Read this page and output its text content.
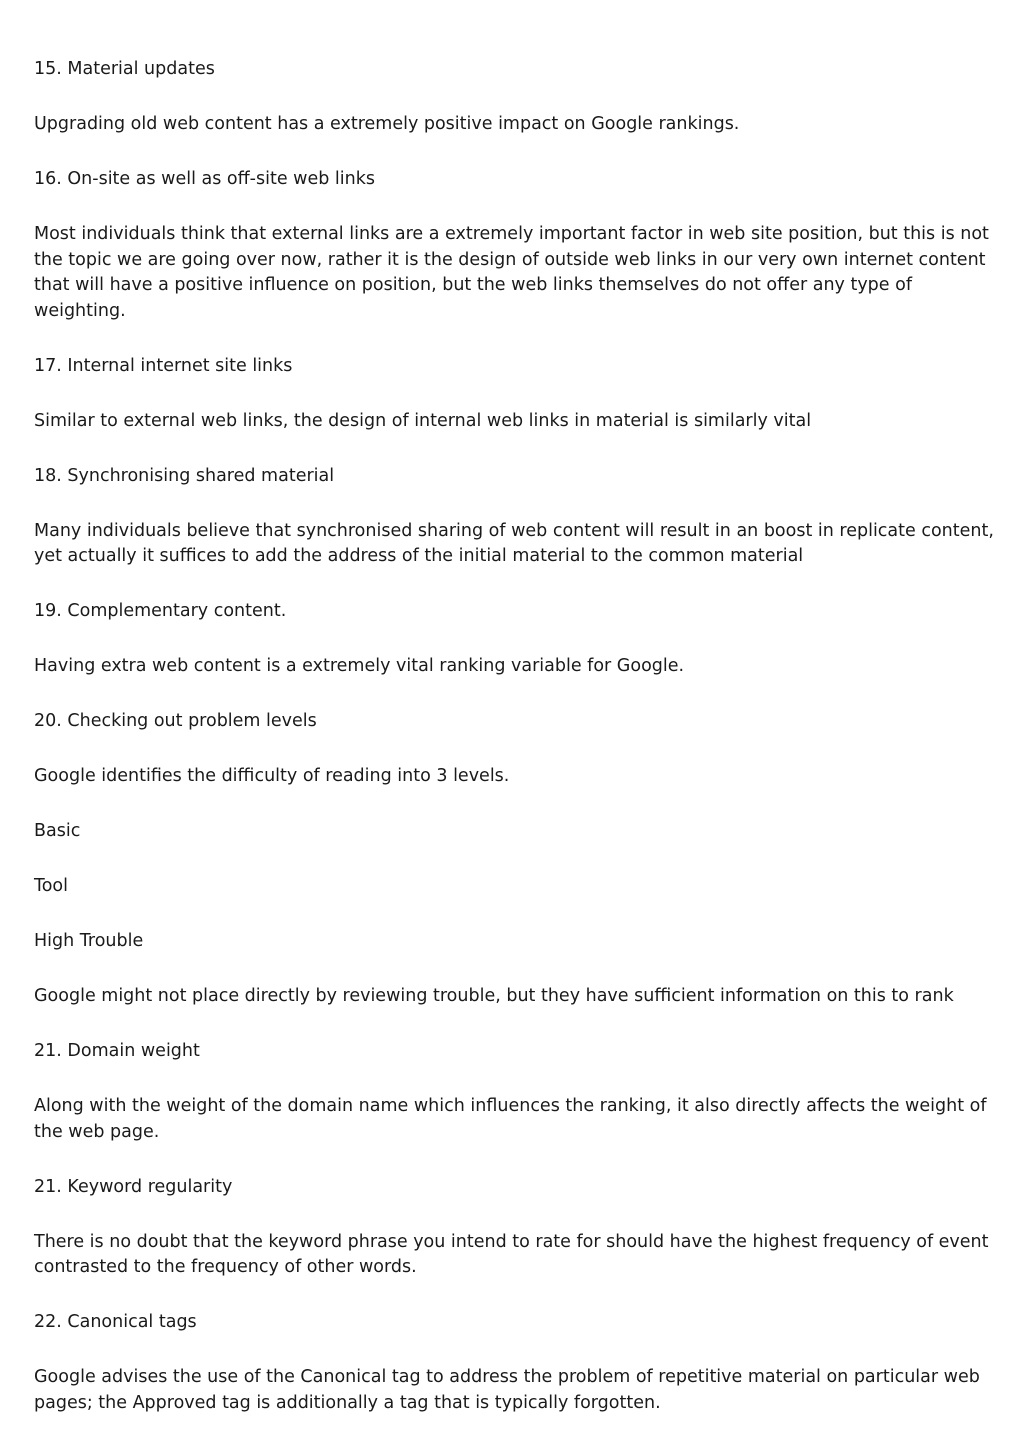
15. Material updates

Upgrading old web content has a extremely positive impact on Google rankings.

16. On-site as well as off-site web links

Most individuals think that external links are a extremely important factor in web site position, but this is not the topic we are going over now, rather it is the design of outside web links in our very own internet content that will have a positive influence on position, but the web links themselves do not offer any type of weighting.

17. Internal internet site links

Similar to external web links, the design of internal web links in material is similarly vital

18. Synchronising shared material

Many individuals believe that synchronised sharing of web content will result in an boost in replicate content, yet actually it suffices to add the address of the initial material to the common material

19. Complementary content.

Having extra web content is a extremely vital ranking variable for Google.

20. Checking out problem levels

Google identifies the difficulty of reading into 3 levels.

Basic

Tool

High Trouble

Google might not place directly by reviewing trouble, but they have sufficient information on this to rank

21. Domain weight

Along with the weight of the domain name which influences the ranking, it also directly affects the weight of the web page.

21. Keyword regularity

There is no doubt that the keyword phrase you intend to rate for should have the highest frequency of event contrasted to the frequency of other words.

22. Canonical tags

Google advises the use of the Canonical tag to address the problem of repetitive material on particular web pages; the Approved tag is additionally a tag that is typically forgotten.
